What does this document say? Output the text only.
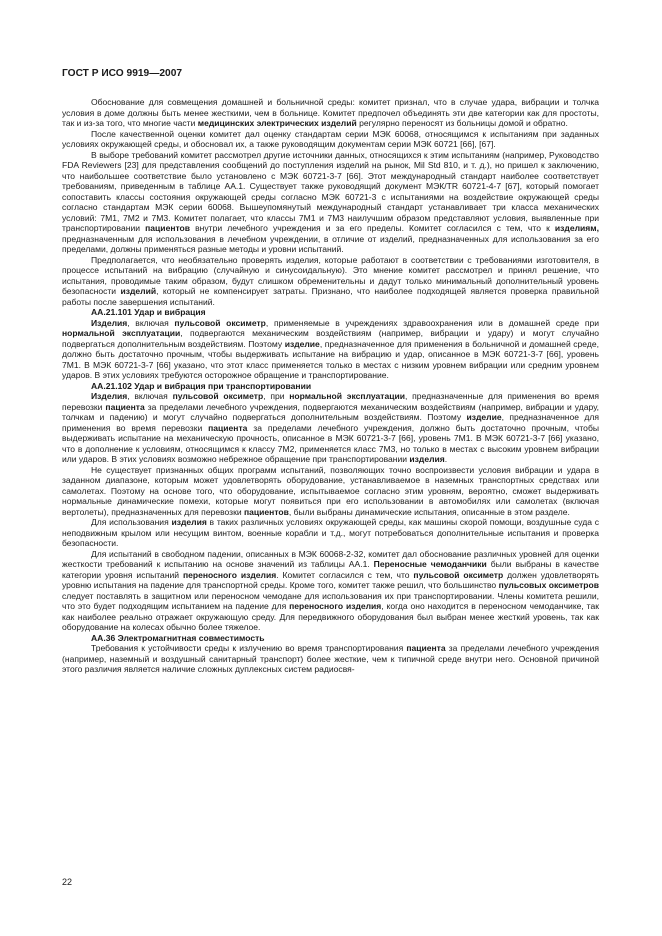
ГОСТ Р ИСО 9919—2007

Обоснование для совмещения домашней и больничной среды: комитет признал, что в случае удара, вибрации и толчка условия в доме должны быть менее жесткими, чем в больнице. Комитет предпочел объединять эти две категории как для простоты, так и из-за того, что многие части медицинских электрических изделий регулярно переносят из больницы домой и обратно.

После качественной оценки комитет дал оценку стандартам серии МЭК 60068, относящимся к испытаниям при заданных условиях окружающей среды, и обосновал их, а также руководящим документам серии МЭК 60721 [66], [67].

В выборе требований комитет рассмотрел другие источники данных, относящихся к этим испытаниям (например, Руководство FDA Reviewers [23] для представления сообщений до поступления изделий на рынок, Mil Std 810, и т. д.), но пришел к заключению, что наибольшее соответствие было установлено с МЭК 60721-3-7 [66]. Этот международный стандарт наиболее соответствует требованиям, приведенным в таблице АА.1. Существует также руководящий документ МЭК/TR 60721-4-7 [67], который помогает сопоставить классы состояния окружающей среды согласно МЭК 60721-3 с испытаниями на воздействие окружающей среды согласно стандартам МЭК серии 60068. Вышеупомянутый международный стандарт устанавливает три класса механических условий: 7М1, 7М2 и 7М3. Комитет полагает, что классы 7М1 и 7М3 наилучшим образом представляют условия, выявленные при транспортировании пациентов внутри лечебного учреждения и за его пределы. Комитет согласился с тем, что к изделиям, предназначенным для использования в лечебном учреждении, в отличие от изделий, предназначенных для использования за его пределами, должны применяться разные методы и уровни испытаний.

Предполагается, что необязательно проверять изделия, которые работают в соответствии с требованиями изготовителя, в процессе испытаний на вибрацию (случайную и синусоидальную). Это мнение комитет рассмотрел и принял решение, что испытания, проводимые таким образом, будут слишком обременительны и дадут только минимальный дополнительный уровень безопасности изделий, который не компенсирует затраты. Признано, что наиболее подходящей является проверка правильной работы после завершения испытаний.

АА.21.101 Удар и вибрация

Изделия, включая пульсовой оксиметр, применяемые в учреждениях здравоохранения или в домашней среде при нормальной эксплуатации, подвергаются механическим воздействиям (например, вибрации и удару) и могут случайно подвергаться дополнительным воздействиям. Поэтому изделие, предназначенное для применения в больничной и домашней среде, должно быть достаточно прочным, чтобы выдерживать испытание на вибрацию и удар, описанное в МЭК 60721-3-7 [66], уровень 7М1. В МЭК 60721-3-7 [66] указано, что этот класс применяется только в местах с низким уровнем вибрации или средним уровнем ударов. В этих условиях требуются осторожное обращение и транспортирование.

АА.21.102 Удар и вибрация при транспортировании

Изделия, включая пульсовой оксиметр, при нормальной эксплуатации, предназначенные для применения во время перевозки пациента за пределами лечебного учреждения, подвергаются механическим воздействиям (например, вибрации и удару, толчкам и падению) и могут случайно подвергаться дополнительным воздействиям. Поэтому изделие, предназначенное для применения во время перевозки пациента за пределами лечебного учреждения, должно быть достаточно прочным, чтобы выдерживать испытание на механическую прочность, описанное в МЭК 60721-3-7 [66], уровень 7М1. В МЭК 60721-3-7 [66] указано, что в дополнение к условиям, относящимся к классу 7М2, применяется класс 7М3, но только в местах с высоким уровнем вибрации или ударов. В этих условиях возможно небрежное обращение при транспортировании изделия.

Не существует признанных общих программ испытаний, позволяющих точно воспроизвести условия вибрации и удара в заданном диапазоне, которым может удовлетворять оборудование, устанавливаемое в наземных транспортных средствах или самолетах. Поэтому на основе того, что оборудование, испытываемое согласно этим уровням, вероятно, сможет выдерживать нормальные динамические помехи, которые могут появиться при его использовании в автомобилях или самолетах (включая вертолеты), предназначенных для перевозки пациентов, были выбраны динамические испытания, описанные в этом разделе.

Для использования изделия в таких различных условиях окружающей среды, как машины скорой помощи, воздушные суда с неподвижным крылом или несущим винтом, военные корабли и т.д., могут потребоваться дополнительные испытания и проверка безопасности.

Для испытаний в свободном падении, описанных в МЭК 60068-2-32, комитет дал обоснование различных уровней для оценки жесткости требований к испытанию на основе значений из таблицы АА.1. Переносные чемоданчики были выбраны в качестве категории уровня испытаний переносного изделия. Комитет согласился с тем, что пульсовой оксиметр должен удовлетворять уровню испытания на падение для транспортной среды. Кроме того, комитет также решил, что большинство пульсовых оксиметров следует поставлять в защитном или переносном чемодане для использования их при транспортировании. Члены комитета решили, что это будет подходящим испытанием на падение для переносного изделия, когда оно находится в переносном чемоданчике, так как наиболее реально отражает окружающую среду. Для передвижного оборудования был выбран менее жесткий уровень, так как оборудование на колесах обычно более тяжелое.

АА.36 Электромагнитная совместимость

Требования к устойчивости среды к излучению во время транспортирования пациента за пределами лечебного учреждения (например, наземный и воздушный санитарный транспорт) более жесткие, чем к типичной среде внутри него. Основной причиной этого различия является наличие сложных дуплексных систем радиосвя-

22
